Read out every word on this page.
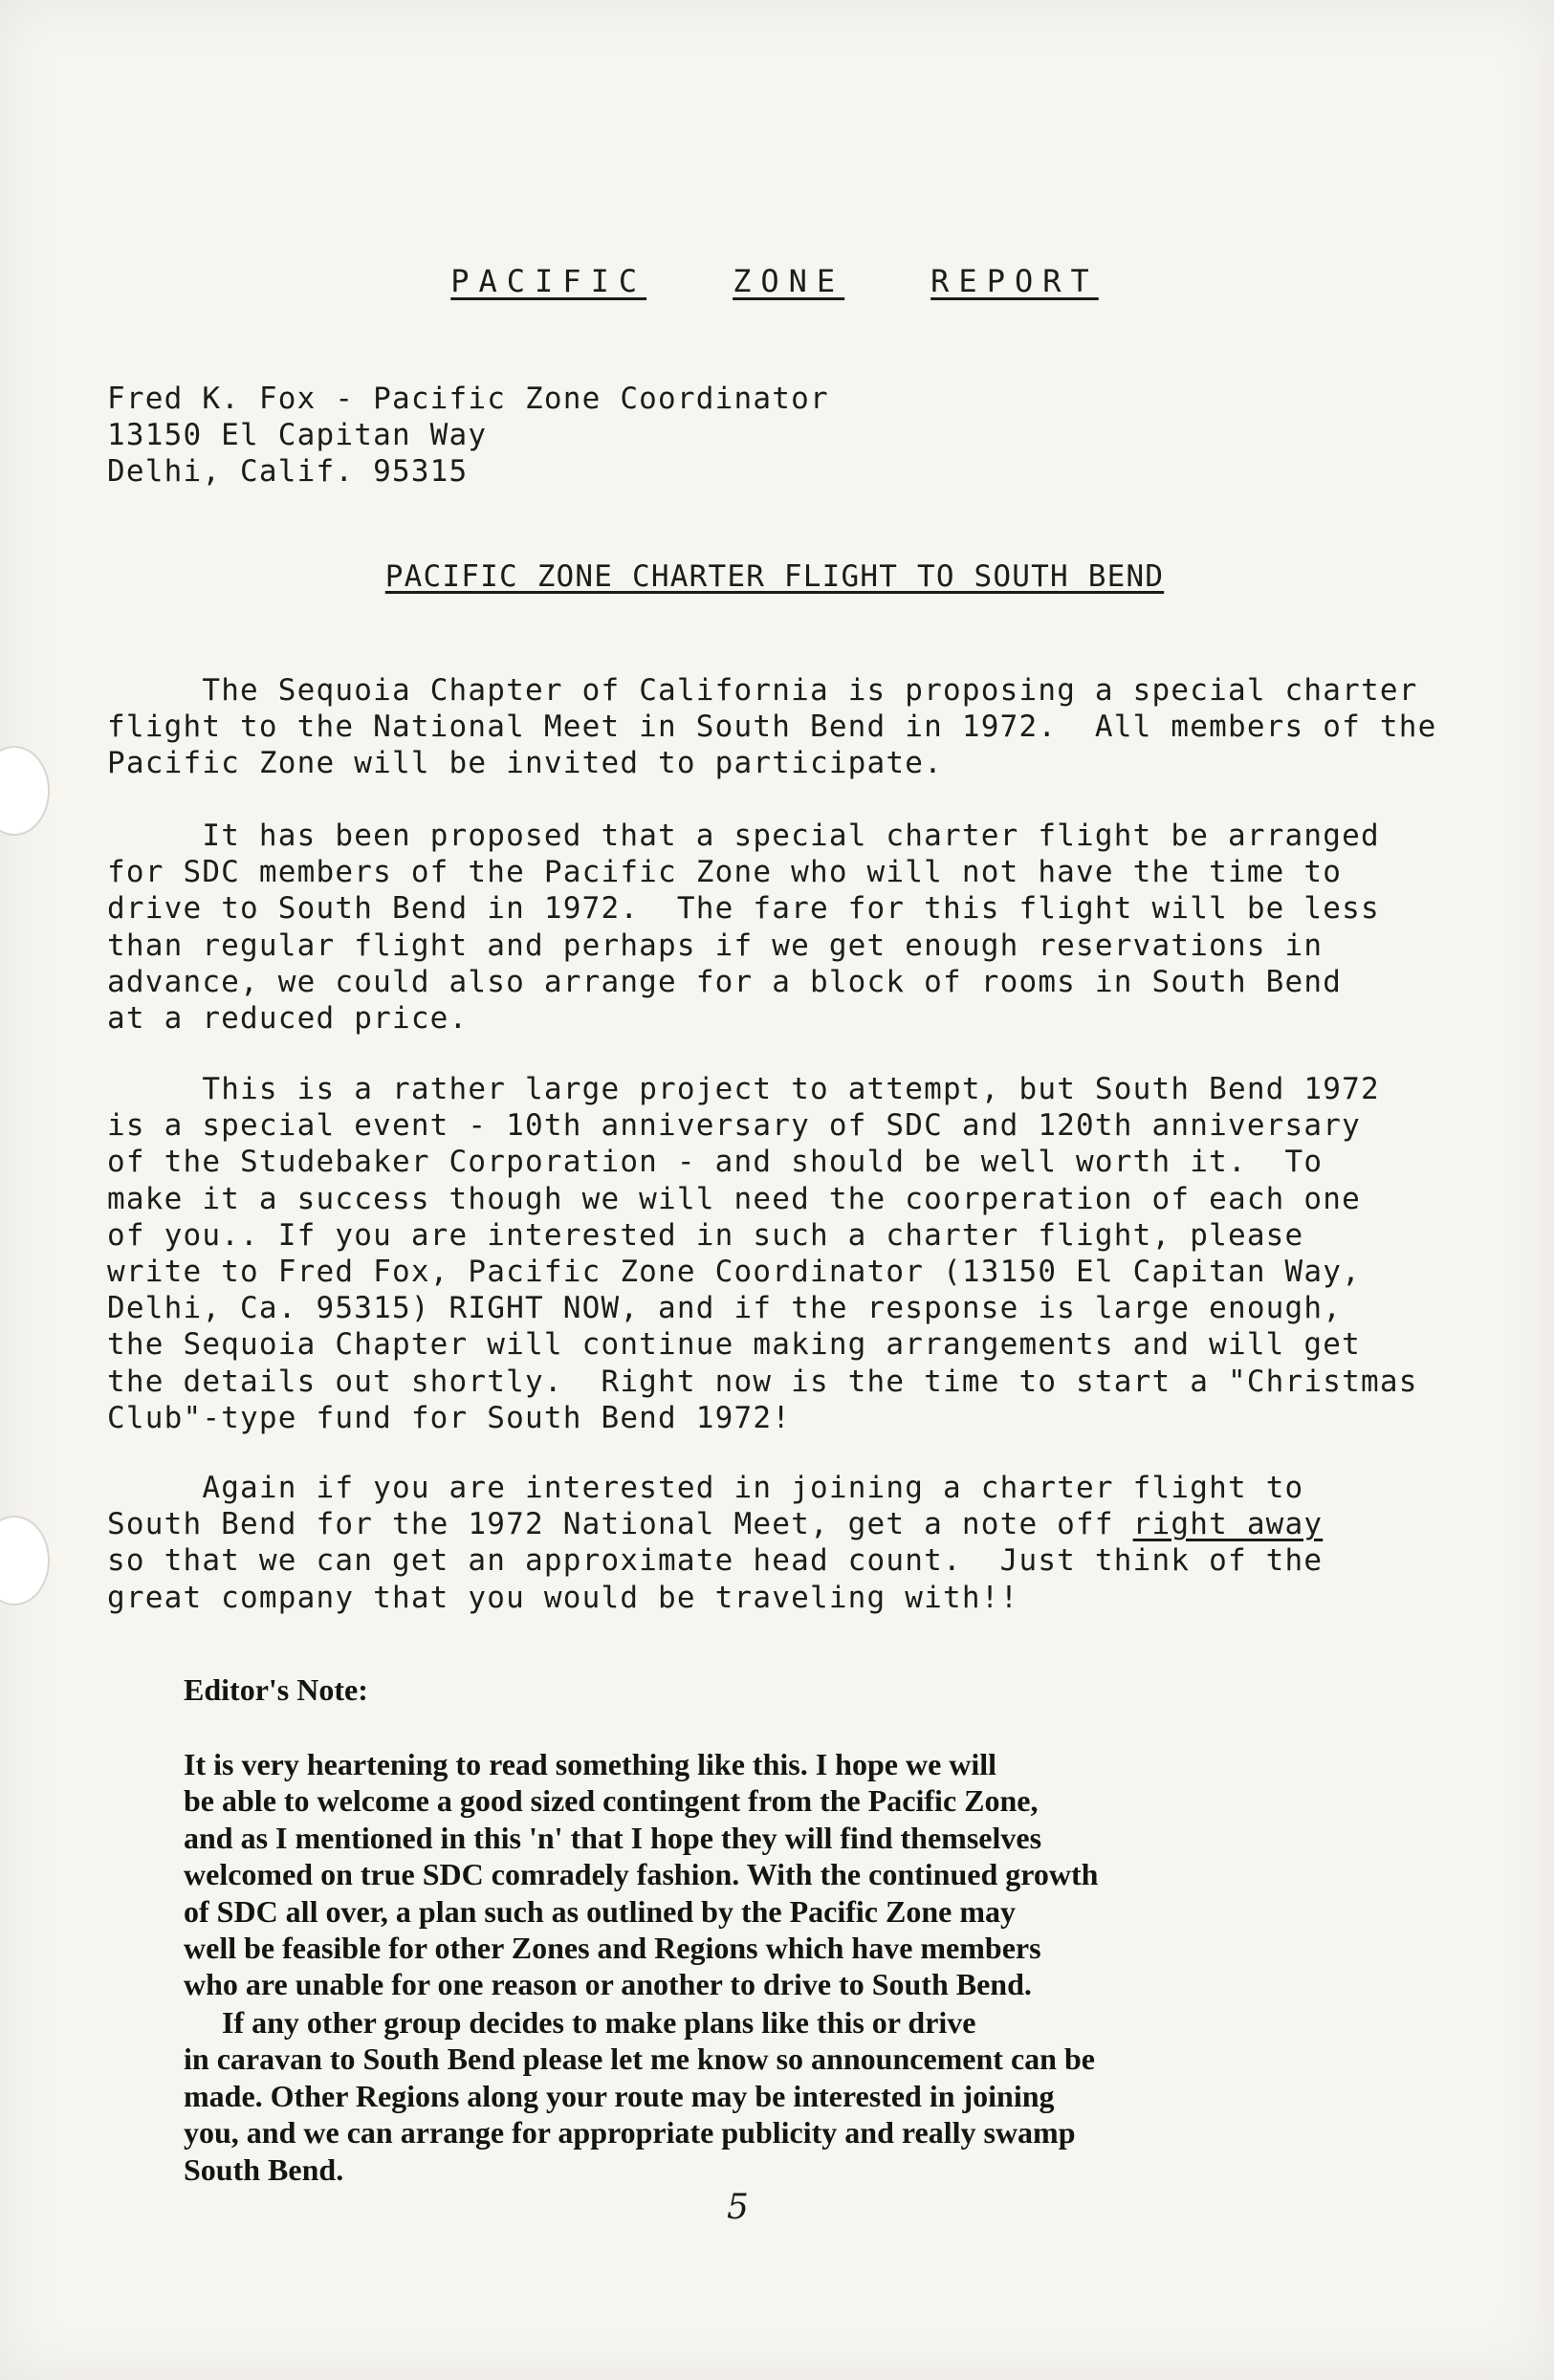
PACIFIC	ZONE	REPORT
Fred K. Fox - Pacific Zone Coordinator
13150 El Capitan Way
Delhi, Calif. 95315
PACIFIC ZONE CHARTER FLIGHT TO SOUTH BEND
The Sequoia Chapter of California is proposing a special charter
flight to the National Meet in South Bend in 1972.  All members of the
Pacific Zone will be invited to participate.
It has been proposed that a special charter flight be arranged
for SDC members of the Pacific Zone who will not have the time to
drive to South Bend in 1972.  The fare for this flight will be less
than regular flight and perhaps if we get enough reservations in
advance, we could also arrange for a block of rooms in South Bend
at a reduced price.
This is a rather large project to attempt, but South Bend 1972
is a special event - 10th anniversary of SDC and 120th anniversary
of the Studebaker Corporation - and should be well worth it.  To
make it a success though we will need the coorperation of each one
of you.. If you are interested in such a charter flight, please
write to Fred Fox, Pacific Zone Coordinator (13150 El Capitan Way,
Delhi, Ca. 95315) RIGHT NOW, and if the response is large enough,
the Sequoia Chapter will continue making arrangements and will get
the details out shortly.  Right now is the time to start a "Christmas
Club"-type fund for South Bend 1972!
Again if you are interested in joining a charter flight to
South Bend for the 1972 National Meet, get a note off right away
so that we can get an approximate head count.  Just think of the
great company that you would be traveling with!!
Editor's Note:
It is very heartening to read something like this. I hope we will
be able to welcome a good sized contingent from the Pacific Zone,
and as I mentioned in this 'n' that I hope they will find themselves
welcomed on true SDC comradely fashion. With the continued growth
of SDC all over, a plan such as outlined by the Pacific Zone may
well be feasible for other Zones and Regions which have members
who are unable for one reason or another to drive to South Bend.
If any other group decides to make plans like this or drive
in caravan to South Bend please let me know so announcement can be
made. Other Regions along your route may be interested in joining
you, and we can arrange for appropriate publicity and really swamp
South Bend.
5
